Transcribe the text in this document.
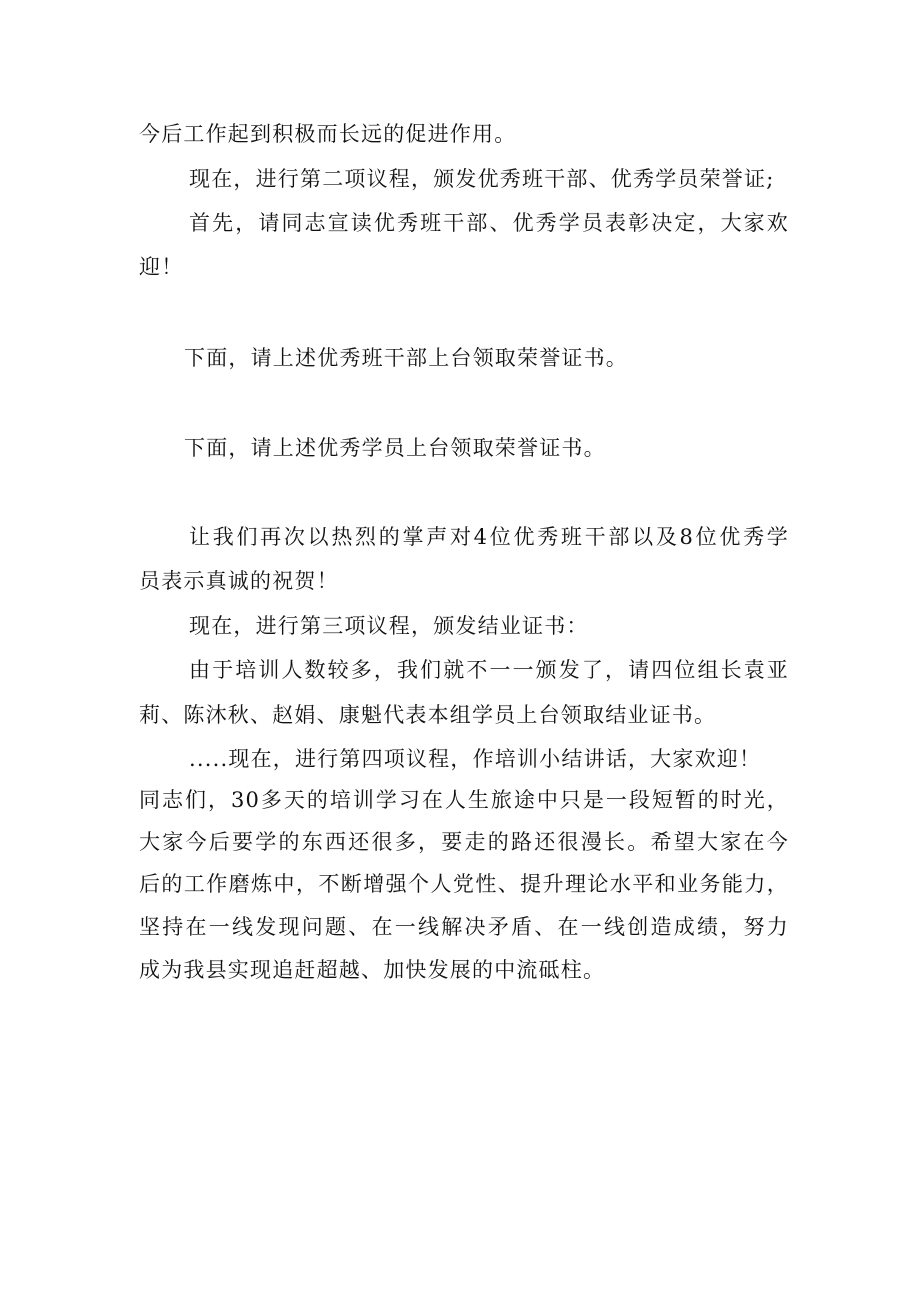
今后工作起到积极而长远的促进作用。
现在，进行第二项议程，颁发优秀班干部、优秀学员荣誉证;
首先，请同志宣读优秀班干部、优秀学员表彰决定，大家欢
迎！
下面，请上述优秀班干部上台领取荣誉证书。
下面，请上述优秀学员上台领取荣誉证书。
让我们再次以热烈的掌声对4位优秀班干部以及8位优秀学
员表示真诚的祝贺！
现在，进行第三项议程，颁发结业证书：
由于培训人数较多，我们就不一一颁发了，请四位组长袁亚
莉、陈沐秋、赵娟、康魁代表本组学员上台领取结业证书。
.....现在，进行第四项议程，作培训小结讲话，大家欢迎！
同志们，30多天的培训学习在人生旅途中只是一段短暂的时光，
大家今后要学的东西还很多，要走的路还很漫长。希望大家在今
后的工作磨炼中，不断增强个人党性、提升理论水平和业务能力，
坚持在一线发现问题、在一线解决矛盾、在一线创造成绩，努力
成为我县实现追赶超越、加快发展的中流砥柱。
